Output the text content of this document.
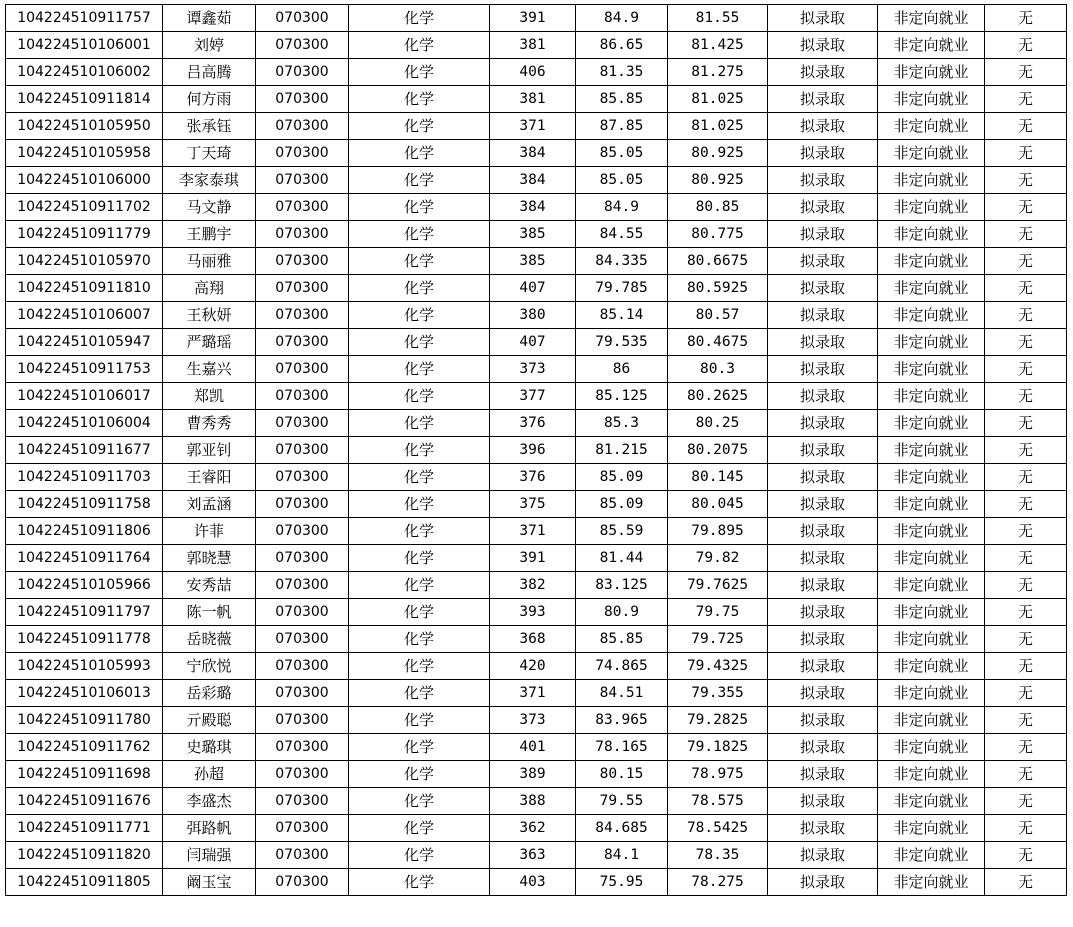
104224510911757	谭鑫茹	070300	化学	391	84.9	81.55	拟录取	非定向就业	无
104224510106001	刘婷	070300	化学	381	86.65	81.425	拟录取	非定向就业	无
104224510106002	吕高腾	070300	化学	406	81.35	81.275	拟录取	非定向就业	无
104224510911814	何方雨	070300	化学	381	85.85	81.025	拟录取	非定向就业	无
104224510105950	张承钰	070300	化学	371	87.85	81.025	拟录取	非定向就业	无
104224510105958	丁天琦	070300	化学	384	85.05	80.925	拟录取	非定向就业	无
104224510106000	李家泰琪	070300	化学	384	85.05	80.925	拟录取	非定向就业	无
104224510911702	马文静	070300	化学	384	84.9	80.85	拟录取	非定向就业	无
104224510911779	王鹏宇	070300	化学	385	84.55	80.775	拟录取	非定向就业	无
104224510105970	马丽雅	070300	化学	385	84.335	80.6675	拟录取	非定向就业	无
104224510911810	高翔	070300	化学	407	79.785	80.5925	拟录取	非定向就业	无
104224510106007	王秋妍	070300	化学	380	85.14	80.57	拟录取	非定向就业	无
104224510105947	严璐瑶	070300	化学	407	79.535	80.4675	拟录取	非定向就业	无
104224510911753	生嘉兴	070300	化学	373	86	80.3	拟录取	非定向就业	无
104224510106017	郑凯	070300	化学	377	85.125	80.2625	拟录取	非定向就业	无
104224510106004	曹秀秀	070300	化学	376	85.3	80.25	拟录取	非定向就业	无
104224510911677	郭亚钊	070300	化学	396	81.215	80.2075	拟录取	非定向就业	无
104224510911703	王睿阳	070300	化学	376	85.09	80.145	拟录取	非定向就业	无
104224510911758	刘孟涵	070300	化学	375	85.09	80.045	拟录取	非定向就业	无
104224510911806	许菲	070300	化学	371	85.59	79.895	拟录取	非定向就业	无
104224510911764	郭晓慧	070300	化学	391	81.44	79.82	拟录取	非定向就业	无
104224510105966	安秀喆	070300	化学	382	83.125	79.7625	拟录取	非定向就业	无
104224510911797	陈一帆	070300	化学	393	80.9	79.75	拟录取	非定向就业	无
104224510911778	岳晓薇	070300	化学	368	85.85	79.725	拟录取	非定向就业	无
104224510105993	宁欣悦	070300	化学	420	74.865	79.4325	拟录取	非定向就业	无
104224510106013	岳彩璐	070300	化学	371	84.51	79.355	拟录取	非定向就业	无
104224510911780	亓殿聪	070300	化学	373	83.965	79.2825	拟录取	非定向就业	无
104224510911762	史璐琪	070300	化学	401	78.165	79.1825	拟录取	非定向就业	无
104224510911698	孙超	070300	化学	389	80.15	78.975	拟录取	非定向就业	无
104224510911676	李盛杰	070300	化学	388	79.55	78.575	拟录取	非定向就业	无
104224510911771	弭路帆	070300	化学	362	84.685	78.5425	拟录取	非定向就业	无
104224510911820	闫瑞强	070300	化学	363	84.1	78.35	拟录取	非定向就业	无
104224510911805	阚玉宝	070300	化学	403	75.95	78.275	拟录取	非定向就业	无
